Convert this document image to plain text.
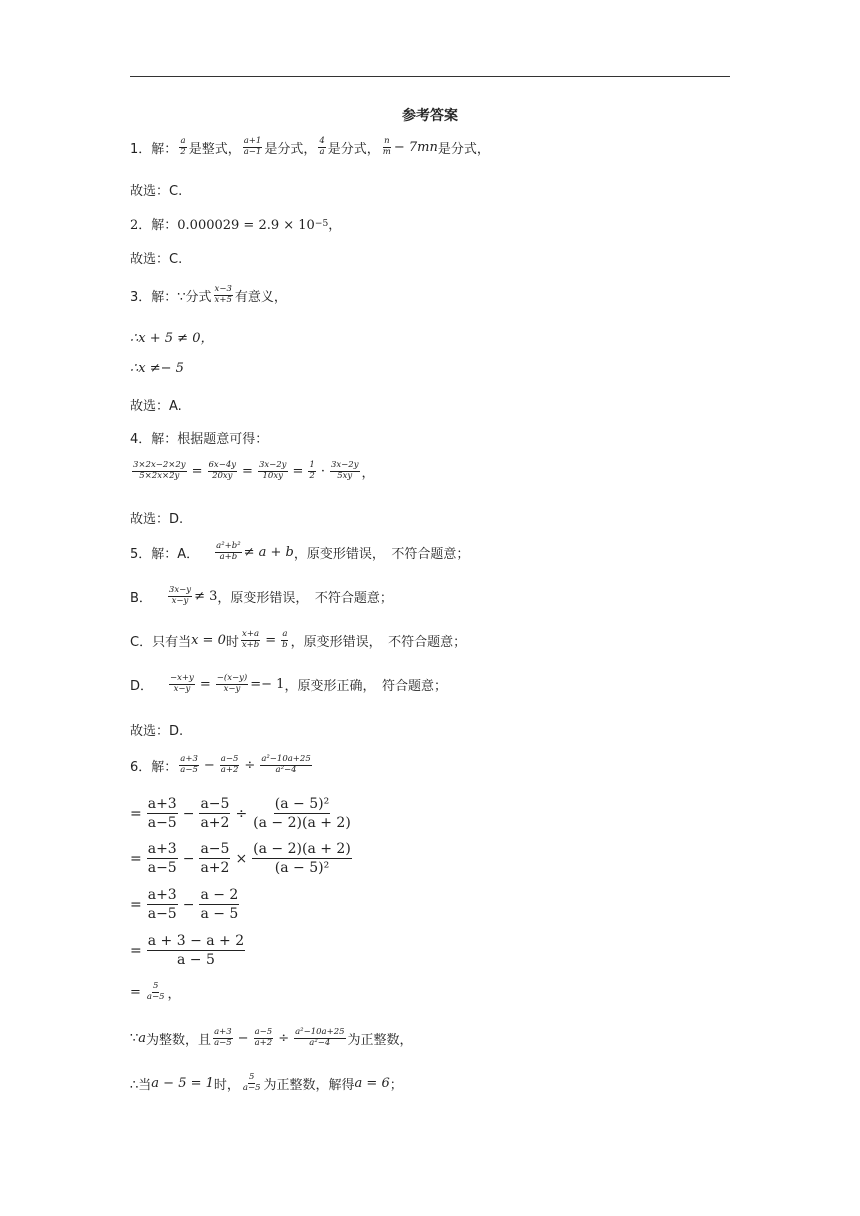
参考答案
1．解：
a
2 是整式，
a+1
a−1 是分式，
4
a 是分式，
n
m − 7mn 是分式，
故选：C.
2．解：0.000029 = 2.9 × 10 −5 ，
故选：C.
3．解：∵分式
x−3
x+5 有意义，
∴x + 5 ≠ 0，
∴x ≠− 5
故选：A.
4．解：根据题意可得：
$\frac{3\times 2x-2\times 2y}{5\times 2x\times 2y} = \frac{6x-4y}{20xy} = \frac{3x-2y}{10xy} = \frac{1}{2} \cdot 3x-2y$
5xy ，
故选：D.
5．解：A．
a²+b²
a+b ≠ a + b ，原变形错误，　不符合题意；
B．
3x−y
x−y ≠ 3 ，原变形错误，　不符合题意；
C．只有当 x = 0 时 $\frac{x+a}{x+b} = \frac{a}{b}$ ，原变形错误，　不符合题意；
D． $\frac{-x+y}{x-y} = \frac{-(x-y)}{x-y} =- 1$ ，原变形正确，　符合题意；
故选：D.
6．解：
a+3
$a-5 - \frac{a-5}{a+2} \div \frac{\text{a²−10a+25}}{\text{a²−4}}$
= $\frac{a+3}{a-5} - \frac{a-5}{a+2} \div \frac{\text{(a − 5)²}}{(a - 2)(a + 2)}$
= $\frac{a+3}{a-5} - \frac{a-5}{a+2} \times \frac{(a - 2)(a + 2)}{\text{(a − 5)²}}$
= $\frac{a+3}{a-5} - \frac{a - 2}{a - 5}$
= $\frac{a + 3 - a + 2}{a - 5}$
= $\frac{5}{a-5}$ ，
∵ a 为整数，且
a+3
$a-5 - \frac{a-5}{a+2} \div \frac{\text{a²−10a+25}}{\text{a²−4}}$ 为正整数，
∴当 a − 5 = 1 时，
5
a−5 为正整数，解得 a = 6 ；
